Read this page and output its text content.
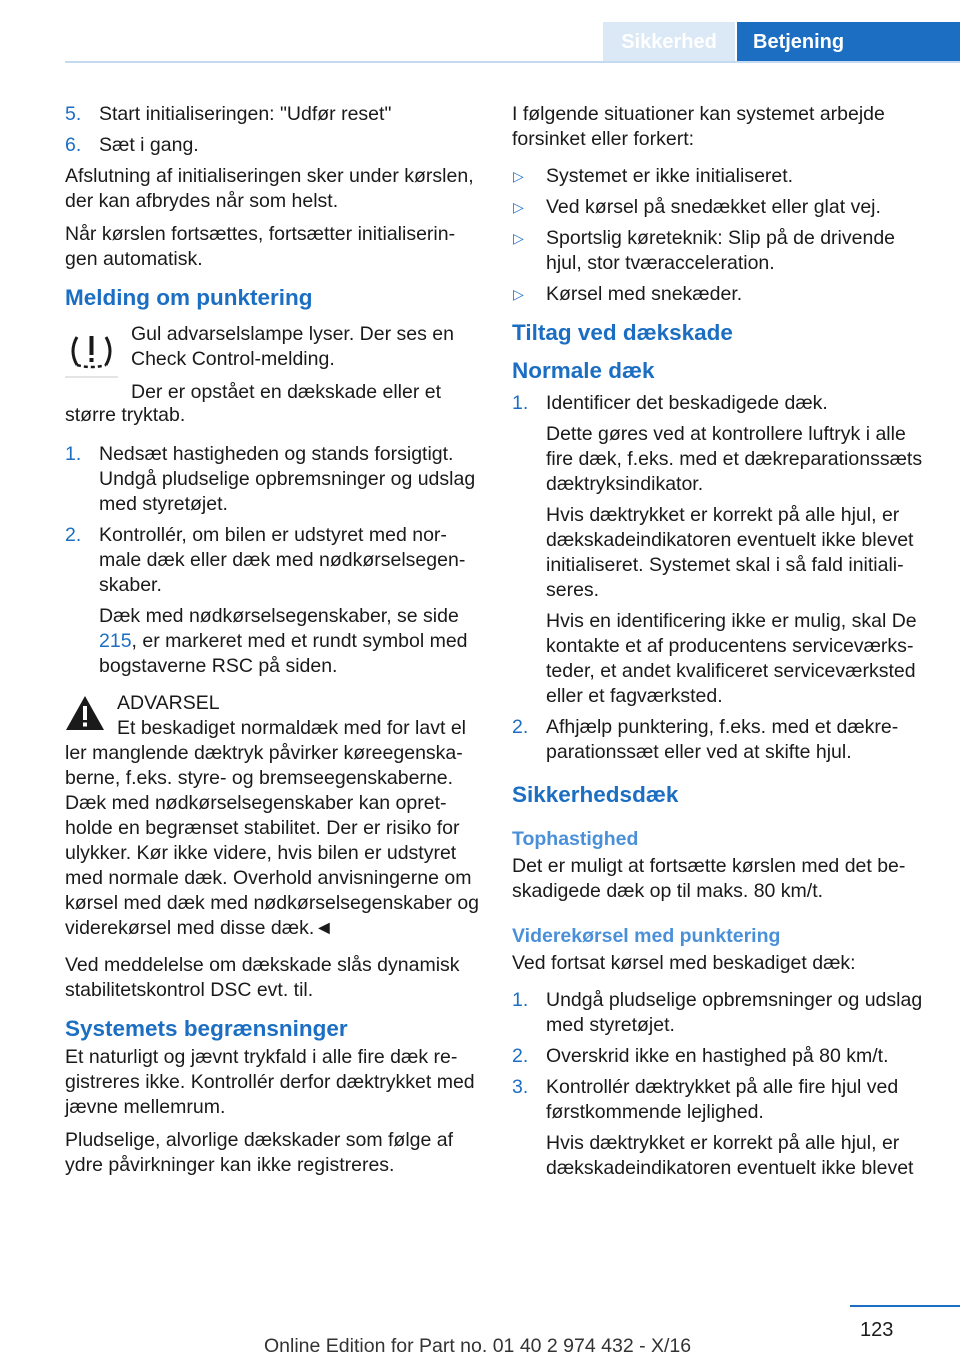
Sikkerhed	Betjening
5. Start initialiseringen: "Udfør reset"
6. Sæt i gang.

Afslutning af initialiseringen sker under kørslen, der kan afbrydes når som helst.

Når kørslen fortsættes, fortsætter initialiseringen automatisk.

Melding om punktering

Gul advarselslampe lyser. Der ses en Check Control-melding.

Der er opstået en dækskade eller et

større tryktab.

1. Nedsæt hastigheden og stands forsigtigt. Undgå pludselige opbremsninger og udslag med styretøjet.
2. Kontrollér, om bilen er udstyret med normale dæk eller dæk med nødkørselsegenskaber.
Dæk med nødkørselsegenskaber, se side 215, er markeret med et rundt symbol med bogstaverne RSC på siden.
ADVARSEL
Et beskadiget normaldæk med for lavt el

ler manglende dæktryk påvirker køreegenskaberne, f.eks. styre- og bremseegenskaberne. Dæk med nødkørselsegenskaber kan opretholde en begrænset stabilitet. Der er risiko for ulykker. Kør ikke videre, hvis bilen er udstyret med normale dæk. Overhold anvisningerne om kørsel med dæk med nødkørselsegenskaber og viderekørsel med disse dæk.◄

Ved meddelelse om dækskade slås dynamisk stabilitetskontrol DSC evt. til.

Systemets begrænsninger

Et naturligt og jævnt trykfald i alle fire dæk registreres ikke. Kontrollér derfor dæktrykket med jævne mellemrum.

Pludselige, alvorlige dækskader som følge af ydre påvirkninger kan ikke registreres.

I følgende situationer kan systemet arbejde forsinket eller forkert:

▷ Systemet er ikke initialiseret.
▷ Ved kørsel på snedækket eller glat vej.
▷ Sportslig køreteknik: Slip på de drivende hjul, stor tværacceleration.
▷ Kørsel med snekæder.
Tiltag ved dækskade
Normale dæk
1. Identificer det beskadigede dæk.
Dette gøres ved at kontrollere luftryk i alle fire dæk, f.eks. med et dækreparationssæts dæktryksindikator.
Hvis dæktrykket er korrekt på alle hjul, er dækskadeindikatoren eventuelt ikke blevet initialiseret. Systemet skal i så fald initialiseres.
Hvis en identificering ikke er mulig, skal De kontakte et af producentens serviceværksteder, et andet kvalificeret serviceværksted eller et fagværksted.
2. Afhjælp punktering, f.eks. med et dækreparationssæt eller ved at skifte hjul.
Sikkerhedsdæk
Tophastighed

Det er muligt at fortsætte kørslen med det beskadigede dæk op til maks. 80 km/t.

Viderekørsel med punktering

Ved fortsat kørsel med beskadiget dæk:

1. Undgå pludselige opbremsninger og udslag med styretøjet.
2. Overskrid ikke en hastighed på 80 km/t.
3. Kontrollér dæktrykket på alle fire hjul ved førstkommende lejlighed.
Hvis dæktrykket er korrekt på alle hjul, er dækskadeindikatoren eventuelt ikke blevet
123
Online Edition for Part no. 01 40 2 974 432 - X/16
